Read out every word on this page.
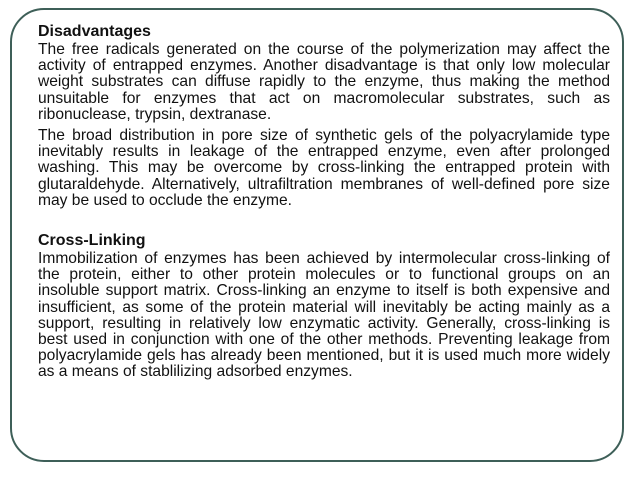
Disadvantages

The free radicals generated on the course of the polymerization may affect the activity of entrapped enzymes. Another disadvantage is that only low molecular weight substrates can diffuse rapidly to the enzyme, thus making the method unsuitable for enzymes that act on macromolecular substrates, such as ribonuclease, trypsin, dextranase.

The broad distribution in pore size of synthetic gels of the polyacrylamide type inevitably results in leakage of the entrapped enzyme, even after prolonged washing. This may be overcome by cross-linking the entrapped protein with glutaraldehyde. Alternatively, ultrafiltration membranes of well-defined pore size may be used to occlude the enzyme.

Cross-Linking

Immobilization of enzymes has been achieved by intermolecular cross-linking of the protein, either to other protein molecules or to functional groups on an insoluble support matrix. Cross-linking an enzyme to itself is both expensive and insufficient, as some of the protein material will inevitably be acting mainly as a support, resulting in relatively low enzymatic activity. Generally, cross-linking is best used in conjunction with one of the other methods. Preventing leakage from polyacrylamide gels has already been mentioned, but it is used much more widely as a means of stablilizing adsorbed enzymes.
